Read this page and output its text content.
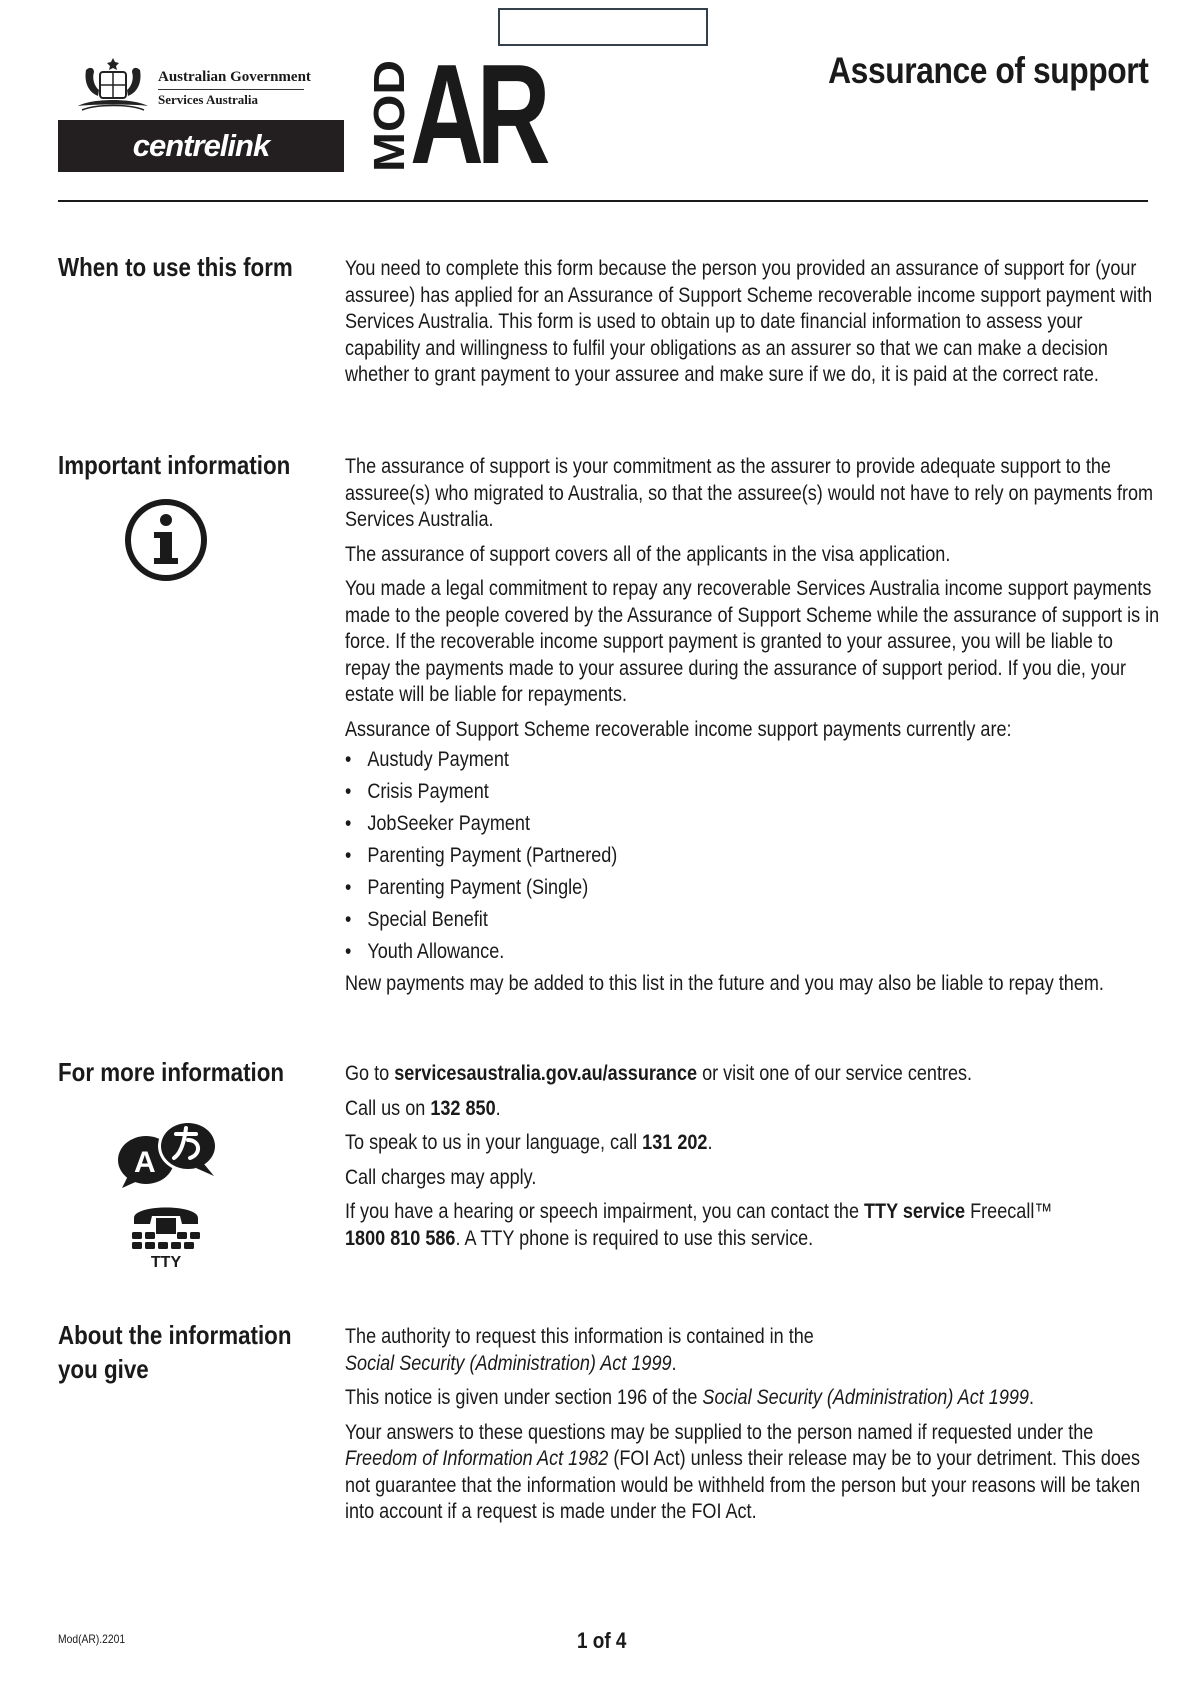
Australian Government
Services Australia
centrelink MOD
AR	Assurance of support
When to use this form You need to complete this form because the person you provided an assurance of support for (your assuree) has applied for an Assurance of Support Scheme recoverable income support payment with Services Australia. This form is used to obtain up to date financial information to assess your capability and willingness to fulfil your obligations as an assurer so that we can make a decision whether to grant payment to your assuree and make sure if we do, it is paid at the correct rate.

Important information	The assurance of support is your commitment as the assurer to provide adequate support to the assuree(s) who migrated to Australia, so that the assuree(s) would not have to rely on payments from Services Australia.

The assurance of support covers all of the applicants in the visa application.

You made a legal commitment to repay any recoverable Services Australia income support payments made to the people covered by the Assurance of Support Scheme while the assurance of support is in force. If the recoverable income support payment is granted to your assuree, you will be liable to repay the payments made to your assuree during the assurance of support period. If you die, your estate will be liable for repayments.

Assurance of Support Scheme recoverable income support payments currently are:

• Austudy Payment
• Crisis Payment
• JobSeeker Payment
• Parenting Payment (Partnered)
• Parenting Payment (Single)
• Special Benefit
• Youth Allowance.

New payments may be added to this list in the future and you may also be liable to repay them.

For more information
A
TTY

Go to servicesaustralia.gov.au/assurance or visit one of our service centres.

Call us on 132 850.

To speak to us in your language, call 131 202.

Call charges may apply.

If you have a hearing or speech impairment, you can contact the TTY service Freecall™
1800 810 586. A TTY phone is required to use this service.

About the information
you give

The authority to request this information is contained in the
Social Security (Administration) Act 1999.

This notice is given under section 196 of the Social Security (Administration) Act 1999.

Your answers to these questions may be supplied to the person named if requested under the
Freedom of Information Act 1982 (FOI Act) unless their release may be to your detriment. This does not guarantee that the information would be withheld from the person but your reasons will be taken into account if a request is made under the FOI Act.

Mod(AR).2201	1 of 4
